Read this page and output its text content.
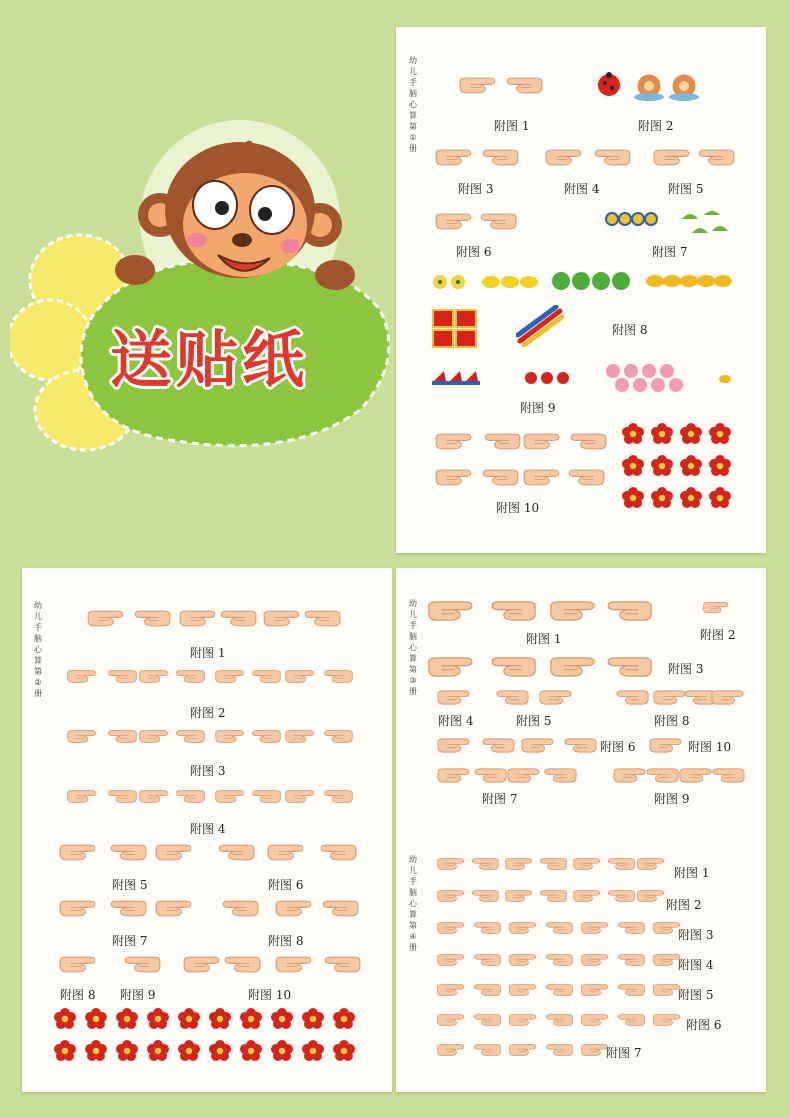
送贴纸
幼
儿
手
脑
心
算
第
①
册
附图 1	附图 2
附图 3	附图 4	附图 5
附图 6	附图 7
附图 8
附图 9
附图 10
幼
儿
手
脑
心
算
第
②
册
附图 1
附图 2
附图 3
附图 4
附图 5	附图 6
附图 7	附图 8
附图 8 附图 9	附图 10
幼
儿
手
脑
心
算
第
③
册
幼
儿
手
脑
心
算
第
④
册
附图 1	附图 2
附图 3
附图 4	附图 5	附图 8
附图 6	附图 10
附图 7	附图 9
附图 1
附图 2
附图 3
附图 4
附图 5
附图 6
附图 7
